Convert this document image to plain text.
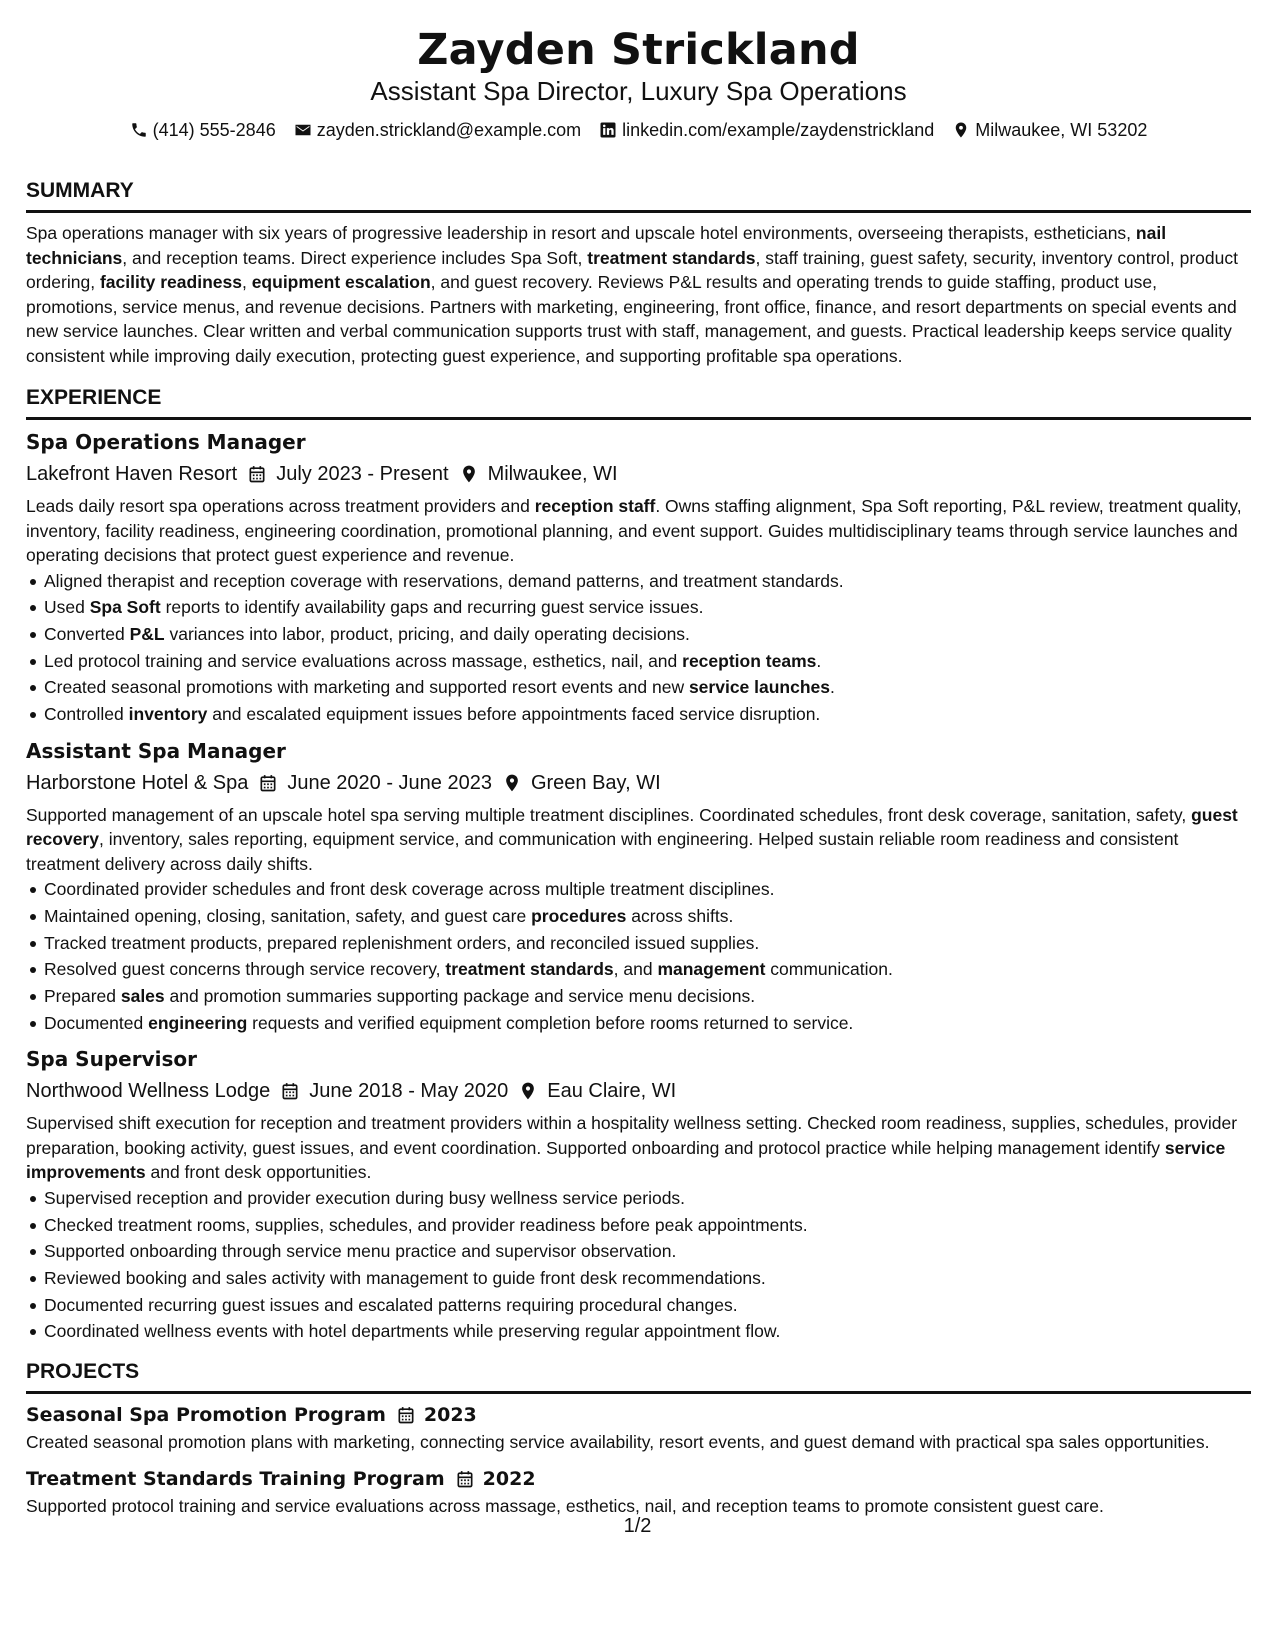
Zayden Strickland
Assistant Spa Director, Luxury Spa Operations
(414) 555-2846 zayden.strickland@example.com linkedin.com/example/zaydenstrickland Milwaukee, WI 53202
SUMMARY

Spa operations manager with six years of progressive leadership in resort and upscale hotel environments, overseeing therapists, estheticians, nail technicians, and reception teams. Direct experience includes Spa Soft, treatment standards, staff training, guest safety, security, inventory control, product ordering, facility readiness, equipment escalation, and guest recovery. Reviews P&L results and operating trends to guide staffing, product use, promotions, service menus, and revenue decisions. Partners with marketing, engineering, front office, finance, and resort departments on special events and new service launches. Clear written and verbal communication supports trust with staff, management, and guests. Practical leadership keeps service quality consistent while improving daily execution, protecting guest experience, and supporting profitable spa operations.

EXPERIENCE
Spa Operations Manager
Lakefront Haven Resort July 2023 - Present Milwaukee, WI

Leads daily resort spa operations across treatment providers and reception staff. Owns staffing alignment, Spa Soft reporting, P&L review, treatment quality, inventory, facility readiness, engineering coordination, promotional planning, and event support. Guides multidisciplinary teams through service launches and operating decisions that protect guest experience and revenue.

Aligned therapist and reception coverage with reservations, demand patterns, and treatment standards.
Used Spa Soft reports to identify availability gaps and recurring guest service issues.
Converted P&L variances into labor, product, pricing, and daily operating decisions.
Led protocol training and service evaluations across massage, esthetics, nail, and reception teams.
Created seasonal promotions with marketing and supported resort events and new service launches.
Controlled inventory and escalated equipment issues before appointments faced service disruption.
Assistant Spa Manager
Harborstone Hotel & Spa June 2020 - June 2023 Green Bay, WI

Supported management of an upscale hotel spa serving multiple treatment disciplines. Coordinated schedules, front desk coverage, sanitation, safety, guest recovery, inventory, sales reporting, equipment service, and communication with engineering. Helped sustain reliable room readiness and consistent treatment delivery across daily shifts.

Coordinated provider schedules and front desk coverage across multiple treatment disciplines.
Maintained opening, closing, sanitation, safety, and guest care procedures across shifts.
Tracked treatment products, prepared replenishment orders, and reconciled issued supplies.
Resolved guest concerns through service recovery, treatment standards, and management communication.
Prepared sales and promotion summaries supporting package and service menu decisions.
Documented engineering requests and verified equipment completion before rooms returned to service.
Spa Supervisor
Northwood Wellness Lodge June 2018 - May 2020 Eau Claire, WI

Supervised shift execution for reception and treatment providers within a hospitality wellness setting. Checked room readiness, supplies, schedules, provider preparation, booking activity, guest issues, and event coordination. Supported onboarding and protocol practice while helping management identify service improvements and front desk opportunities.

Supervised reception and provider execution during busy wellness service periods.
Checked treatment rooms, supplies, schedules, and provider readiness before peak appointments.
Supported onboarding through service menu practice and supervisor observation.
Reviewed booking and sales activity with management to guide front desk recommendations.
Documented recurring guest issues and escalated patterns requiring procedural changes.
Coordinated wellness events with hotel departments while preserving regular appointment flow.
PROJECTS
Seasonal Spa Promotion Program 2023

Created seasonal promotion plans with marketing, connecting service availability, resort events, and guest demand with practical spa sales opportunities.

Treatment Standards Training Program 2022

Supported protocol training and service evaluations across massage, esthetics, nail, and reception teams to promote consistent guest care.

1/2
